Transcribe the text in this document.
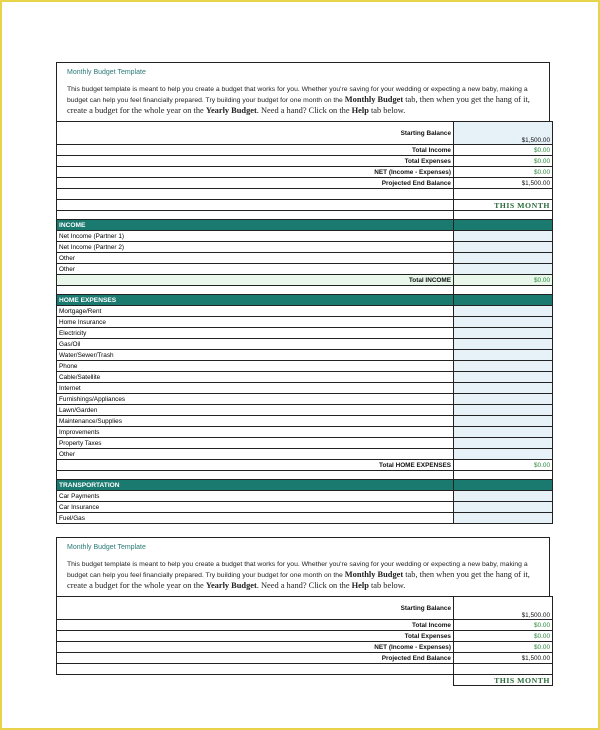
Monthly Budget Template
This budget template is meant to help you create a budget that works for you. Whether you're saving for your wedding or expecting a new baby, making a budget can help you feel financially prepared. Try building your budget for one month on the Monthly Budget tab, then when you get the hang of it, create a budget for the whole year on the Yearly Budget. Need a hand? Click on the Help tab below.
Starting Balance	$1,500.00
Total Income	$0.00
Total Expenses	$0.00
NET (Income - Expenses)	$0.00
Projected End Balance	$1,500.00

	THIS MONTH

INCOME	
Net Income (Partner 1)	
Net Income (Partner 2)	
Other	
Other	
Total INCOME	$0.00

HOME EXPENSES	
Mortgage/Rent	
Home Insurance	
Electricity	
Gas/Oil	
Water/Sewer/Trash	
Phone	
Cable/Satellite	
Internet	
Furnishings/Appliances	
Lawn/Garden	
Maintenance/Supplies	
Improvements	
Property Taxes	
Other	
Total HOME EXPENSES	$0.00

TRANSPORTATION	
Car Payments	
Car Insurance	
Fuel/Gas	
Monthly Budget Template
This budget template is meant to help you create a budget that works for you. Whether you're saving for your wedding or expecting a new baby, making a budget can help you feel financially prepared. Try building your budget for one month on the Monthly Budget tab, then when you get the hang of it, create a budget for the whole year on the Yearly Budget. Need a hand? Click on the Help tab below.
Starting Balance	$1,500.00
Total Income	$0.00
Total Expenses	$0.00
NET (Income - Expenses)	$0.00
Projected End Balance	$1,500.00

	THIS MONTH
